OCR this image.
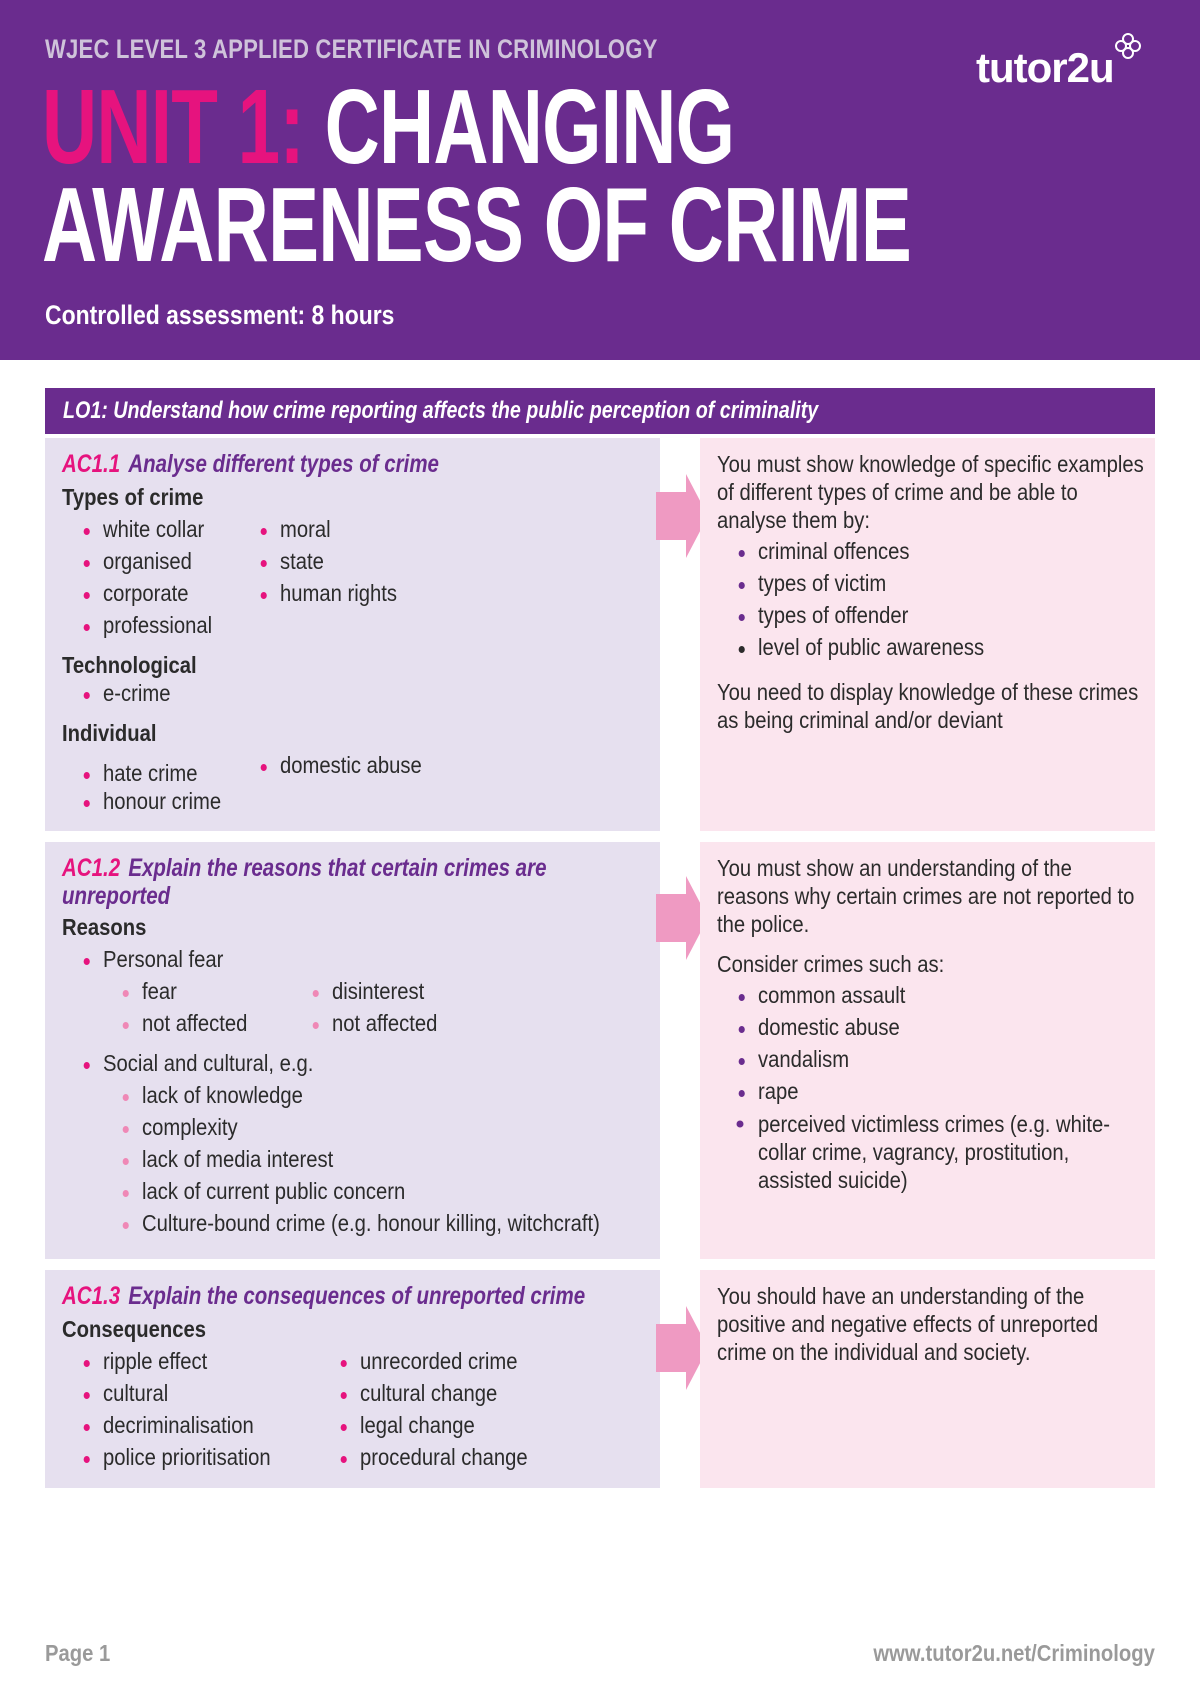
WJEC LEVEL 3 APPLIED CERTIFICATE IN CRIMINOLOGY
UNIT 1: CHANGING
AWARENESS OF CRIME
Controlled assessment: 8 hours
tutor2u
LO1: Understand how crime reporting affects the public perception of criminality
AC1.1 Analyse different types of crime
Types of crime
white collar
organised
corporate
professional
moral
state
human rights
Technological
e-crime
Individual
hate crime
honour crime
domestic abuse
You must show knowledge of specific examples of different types of crime and be able to analyse them by:
criminal offences
types of victim
types of offender
level of public awareness
You need to display knowledge of these crimes as being criminal and/or deviant
AC1.2 Explain the reasons that certain crimes are
unreported
Reasons
Personal fear
fear
not affected
disinterest
not affected
Social and cultural, e.g.
lack of knowledge
complexity
lack of media interest
lack of current public concern
Culture-bound crime (e.g. honour killing, witchcraft)
You must show an understanding of the reasons why certain crimes are not reported to the police.
Consider crimes such as:
common assault
domestic abuse
vandalism
rape
perceived victimless crimes (e.g. white-collar crime, vagrancy, prostitution, assisted suicide)
AC1.3 Explain the consequences of unreported crime
Consequences
ripple effect
cultural
decriminalisation
police prioritisation
unrecorded crime
cultural change
legal change
procedural change
You should have an understanding of the positive and negative effects of unreported crime on the individual and society.
Page 1	www.tutor2u.net/Criminology
